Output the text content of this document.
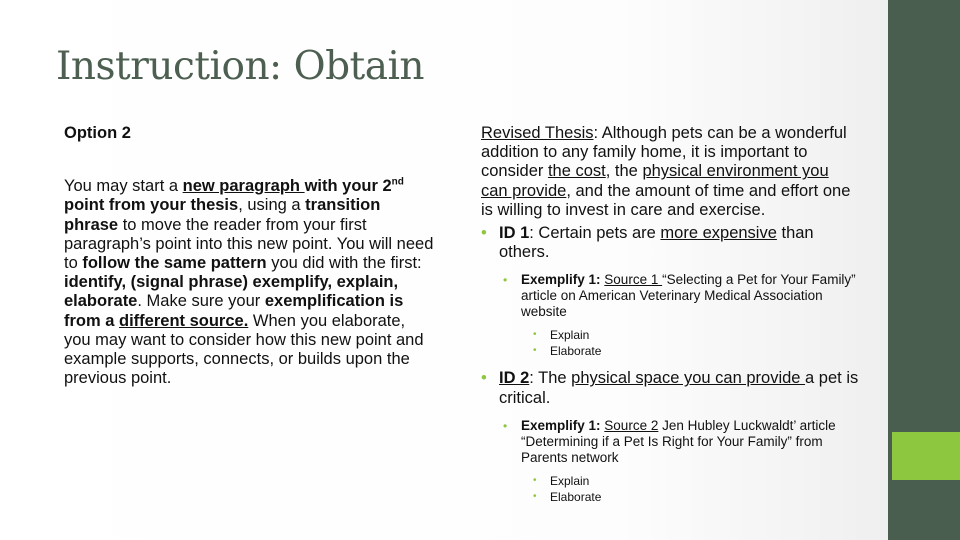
Instruction: Obtain

Option 2

You may start a new paragraph with your 2nd point from your thesis, using a transition phrase to move the reader from your first paragraph’s point into this new point. You will need to follow the same pattern you did with the first: identify, (signal phrase) exemplify, explain, elaborate. Make sure your exemplification is from a different source. When you elaborate, you may want to consider how this new point and example supports, connects, or builds upon the previous point.

Revised Thesis: Although pets can be a wonderful addition to any family home, it is important to consider the cost, the physical environment you can provide, and the amount of time and effort one is willing to invest in care and exercise.

• ID 1: Certain pets are more expensive than others.
• Exemplify 1: Source 1 “Selecting a Pet for Your Family” article on American Veterinary Medical Association website
• Explain
• Elaborate
• ID 2: The physical space you can provide a pet is critical.
• Exemplify 1: Source 2 Jen Hubley Luckwaldt’ article “Determining if a Pet Is Right for Your Family” from Parents network
• Explain
• Elaborate
